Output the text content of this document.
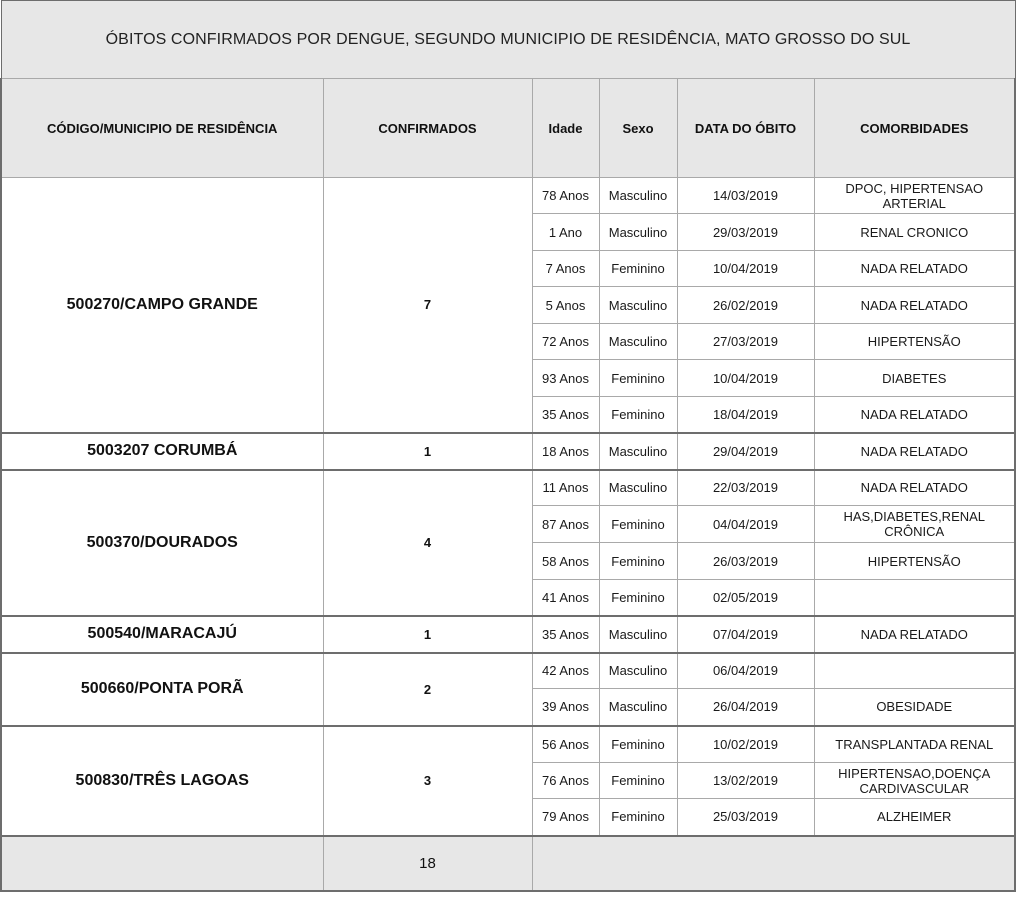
ÓBITOS CONFIRMADOS POR DENGUE, SEGUNDO MUNICIPIO DE RESIDÊNCIA, MATO GROSSO DO SUL					
CÓDIGO/MUNICIPIO DE RESIDÊNCIA	CONFIRMADOS	Idade	Sexo	DATA DO ÓBITO	COMORBIDADES
500270/CAMPO GRANDE	7	78 Anos	Masculino	14/03/2019	DPOC, HIPERTENSAO ARTERIAL
		1 Ano	Masculino	29/03/2019	RENAL CRONICO
		7 Anos	Feminino	10/04/2019	NADA RELATADO
		5 Anos	Masculino	26/02/2019	NADA RELATADO
		72 Anos	Masculino	27/03/2019	HIPERTENSÃO
		93 Anos	Feminino	10/04/2019	DIABETES
		35 Anos	Feminino	18/04/2019	NADA RELATADO
5003207 CORUMBÁ	1	18 Anos	Masculino	29/04/2019	NADA RELATADO
500370/DOURADOS	4	11 Anos	Masculino	22/03/2019	NADA RELATADO
		87 Anos	Feminino	04/04/2019	HAS,DIABETES,RENAL CRÔNICA
		58 Anos	Feminino	26/03/2019	HIPERTENSÃO
		41 Anos	Feminino	02/05/2019	
500540/MARACAJÚ	1	35 Anos	Masculino	07/04/2019	NADA RELATADO
500660/PONTA PORÃ	2	42 Anos	Masculino	06/04/2019	
		39 Anos	Masculino	26/04/2019	OBESIDADE
500830/TRÊS LAGOAS	3	56 Anos	Feminino	10/02/2019	TRANSPLANTADA RENAL
		76 Anos	Feminino	13/02/2019	HIPERTENSAO,DOENÇA CARDIVASCULAR
		79 Anos	Feminino	25/03/2019	ALZHEIMER
	18				
